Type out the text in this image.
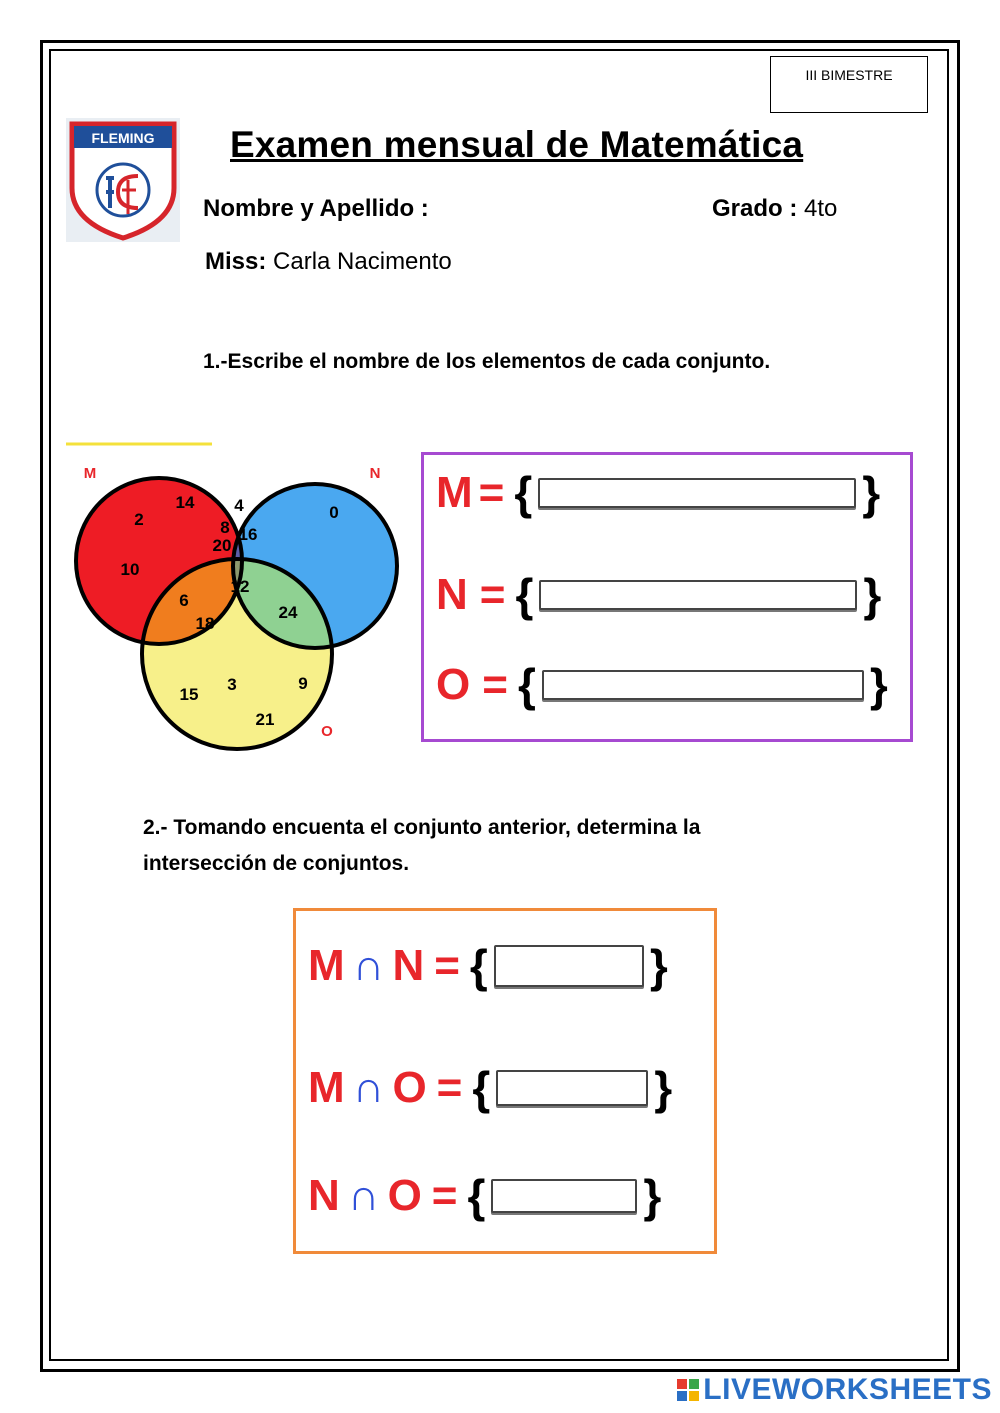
III BIMESTRE
FLEMING Examen mensual de Matemática
Nombre y Apellido :	Grado : 4to
Miss: Carla Nacimento
1.-Escribe el nombre de los elementos de cada conjunto.
M	N
O
2
14
10
0
4
8 16
20
12
6
18
24
15
3	9
21
M = {	}
N = {	}
O = {	}
2.- Tomando encuenta el conjunto anterior, determina la
intersección de conjuntos.
M ∩ N = {	}
M ∩ O = {	}
N ∩ O = {	}
LIVEWORKSHEETS
